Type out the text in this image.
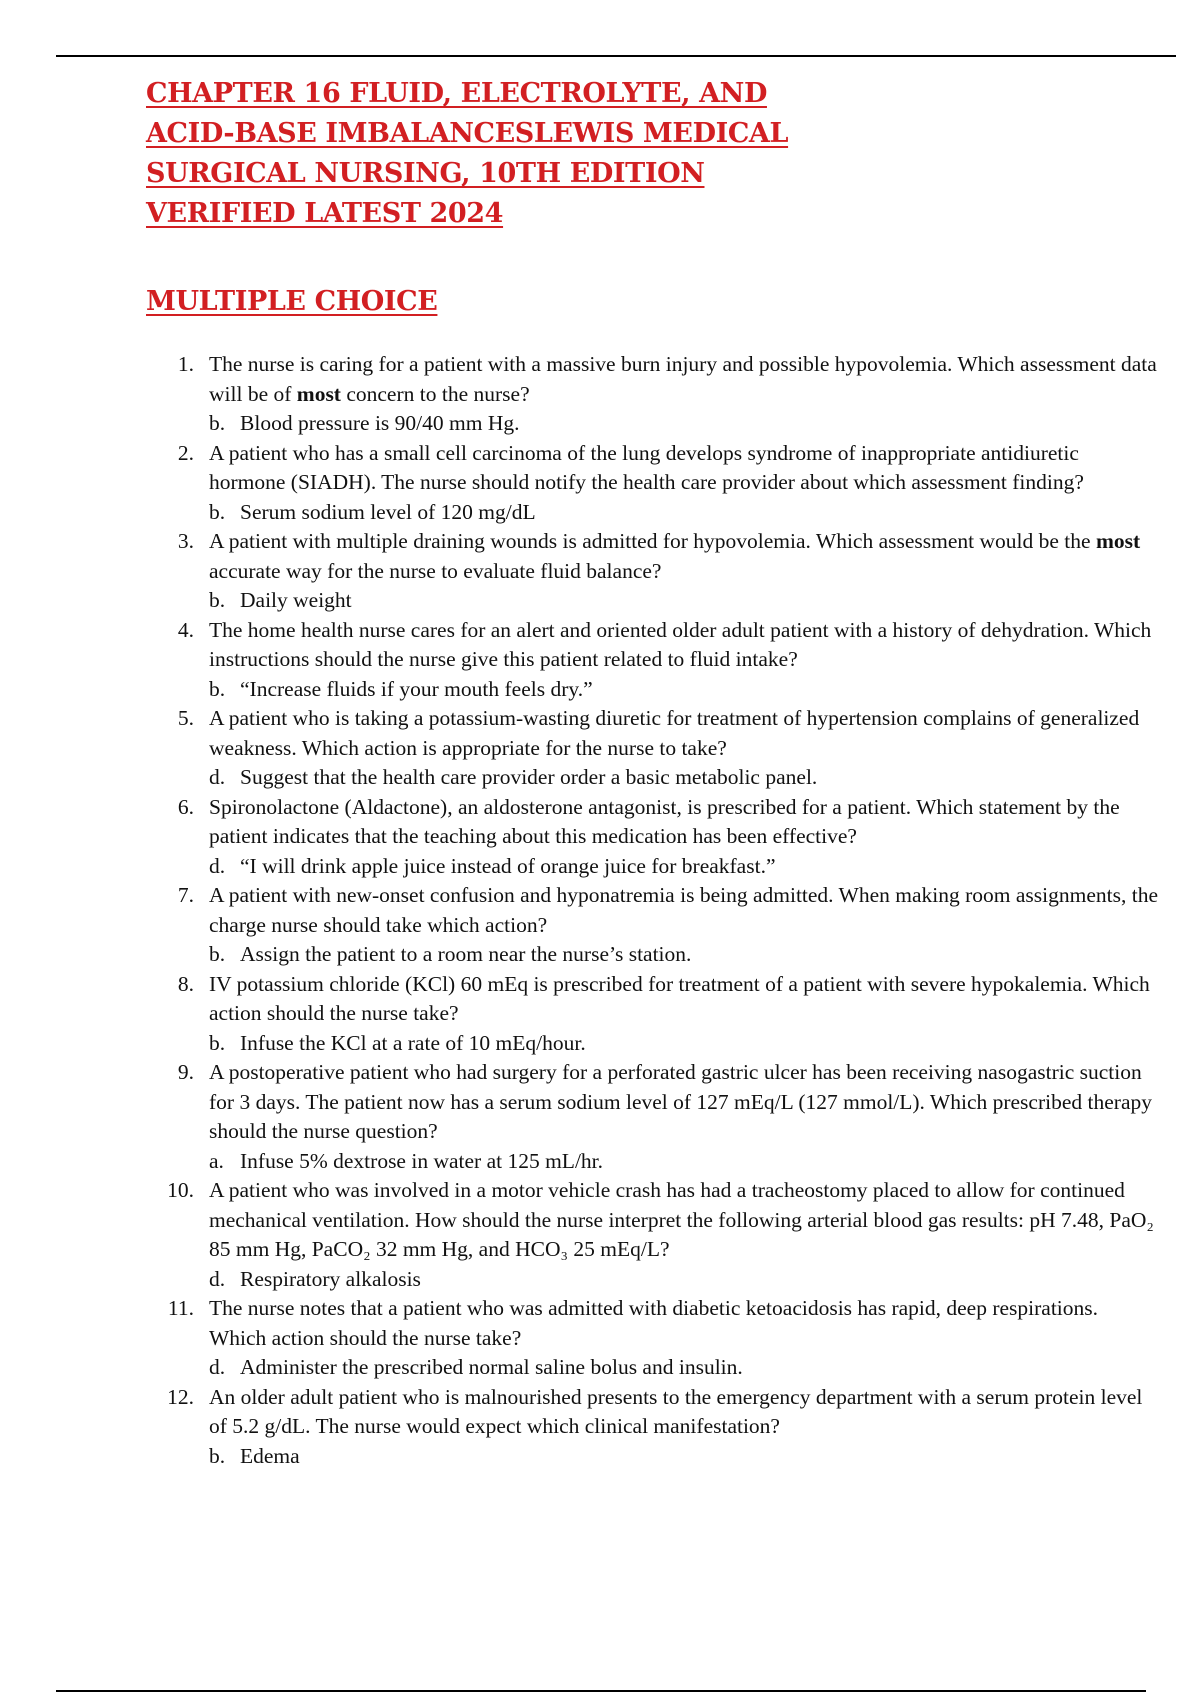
CHAPTER 16 FLUID, ELECTROLYTE, AND
ACID-BASE IMBALANCESLEWIS MEDICAL
SURGICAL NURSING, 10TH EDITION
VERIFIED LATEST 2024
MULTIPLE CHOICE
1. The nurse is caring for a patient with a massive burn injury and possible hypovolemia. Which assessment data will be of most concern to the nurse?
b. Blood pressure is 90/40 mm Hg.
2. A patient who has a small cell carcinoma of the lung develops syndrome of inappropriate antidiuretic hormone (SIADH). The nurse should notify the health care provider about which assessment finding?
b. Serum sodium level of 120 mg/dL
3. A patient with multiple draining wounds is admitted for hypovolemia. Which assessment would be the most accurate way for the nurse to evaluate fluid balance?
b. Daily weight
4. The home health nurse cares for an alert and oriented older adult patient with a history of dehydration. Which instructions should the nurse give this patient related to fluid intake?
b. “Increase fluids if your mouth feels dry.”
5. A patient who is taking a potassium-wasting diuretic for treatment of hypertension complains of generalized weakness. Which action is appropriate for the nurse to take?
d. Suggest that the health care provider order a basic metabolic panel.
6. Spironolactone (Aldactone), an aldosterone antagonist, is prescribed for a patient. Which statement by the patient indicates that the teaching about this medication has been effective?
d. “I will drink apple juice instead of orange juice for breakfast.”
7. A patient with new-onset confusion and hyponatremia is being admitted. When making room assignments, the charge nurse should take which action?
b. Assign the patient to a room near the nurse’s station.
8. IV potassium chloride (KCl) 60 mEq is prescribed for treatment of a patient with severe hypokalemia. Which action should the nurse take?
b. Infuse the KCl at a rate of 10 mEq/hour.
9. A postoperative patient who had surgery for a perforated gastric ulcer has been receiving nasogastric suction for 3 days. The patient now has a serum sodium level of 127 mEq/L (127 mmol/L). Which prescribed therapy should the nurse question?
a. Infuse 5% dextrose in water at 125 mL/hr.
10. A patient who was involved in a motor vehicle crash has had a tracheostomy placed to allow for continued mechanical ventilation. How should the nurse interpret the following arterial blood gas results: pH 7.48, PaO₂ 85 mm Hg, PaCO₂ 32 mm Hg, and HCO₃ 25 mEq/L?
d. Respiratory alkalosis
11. The nurse notes that a patient who was admitted with diabetic ketoacidosis has rapid, deep respirations. Which action should the nurse take?
d. Administer the prescribed normal saline bolus and insulin.
12. An older adult patient who is malnourished presents to the emergency department with a serum protein level of 5.2 g/dL. The nurse would expect which clinical manifestation?
b. Edema
